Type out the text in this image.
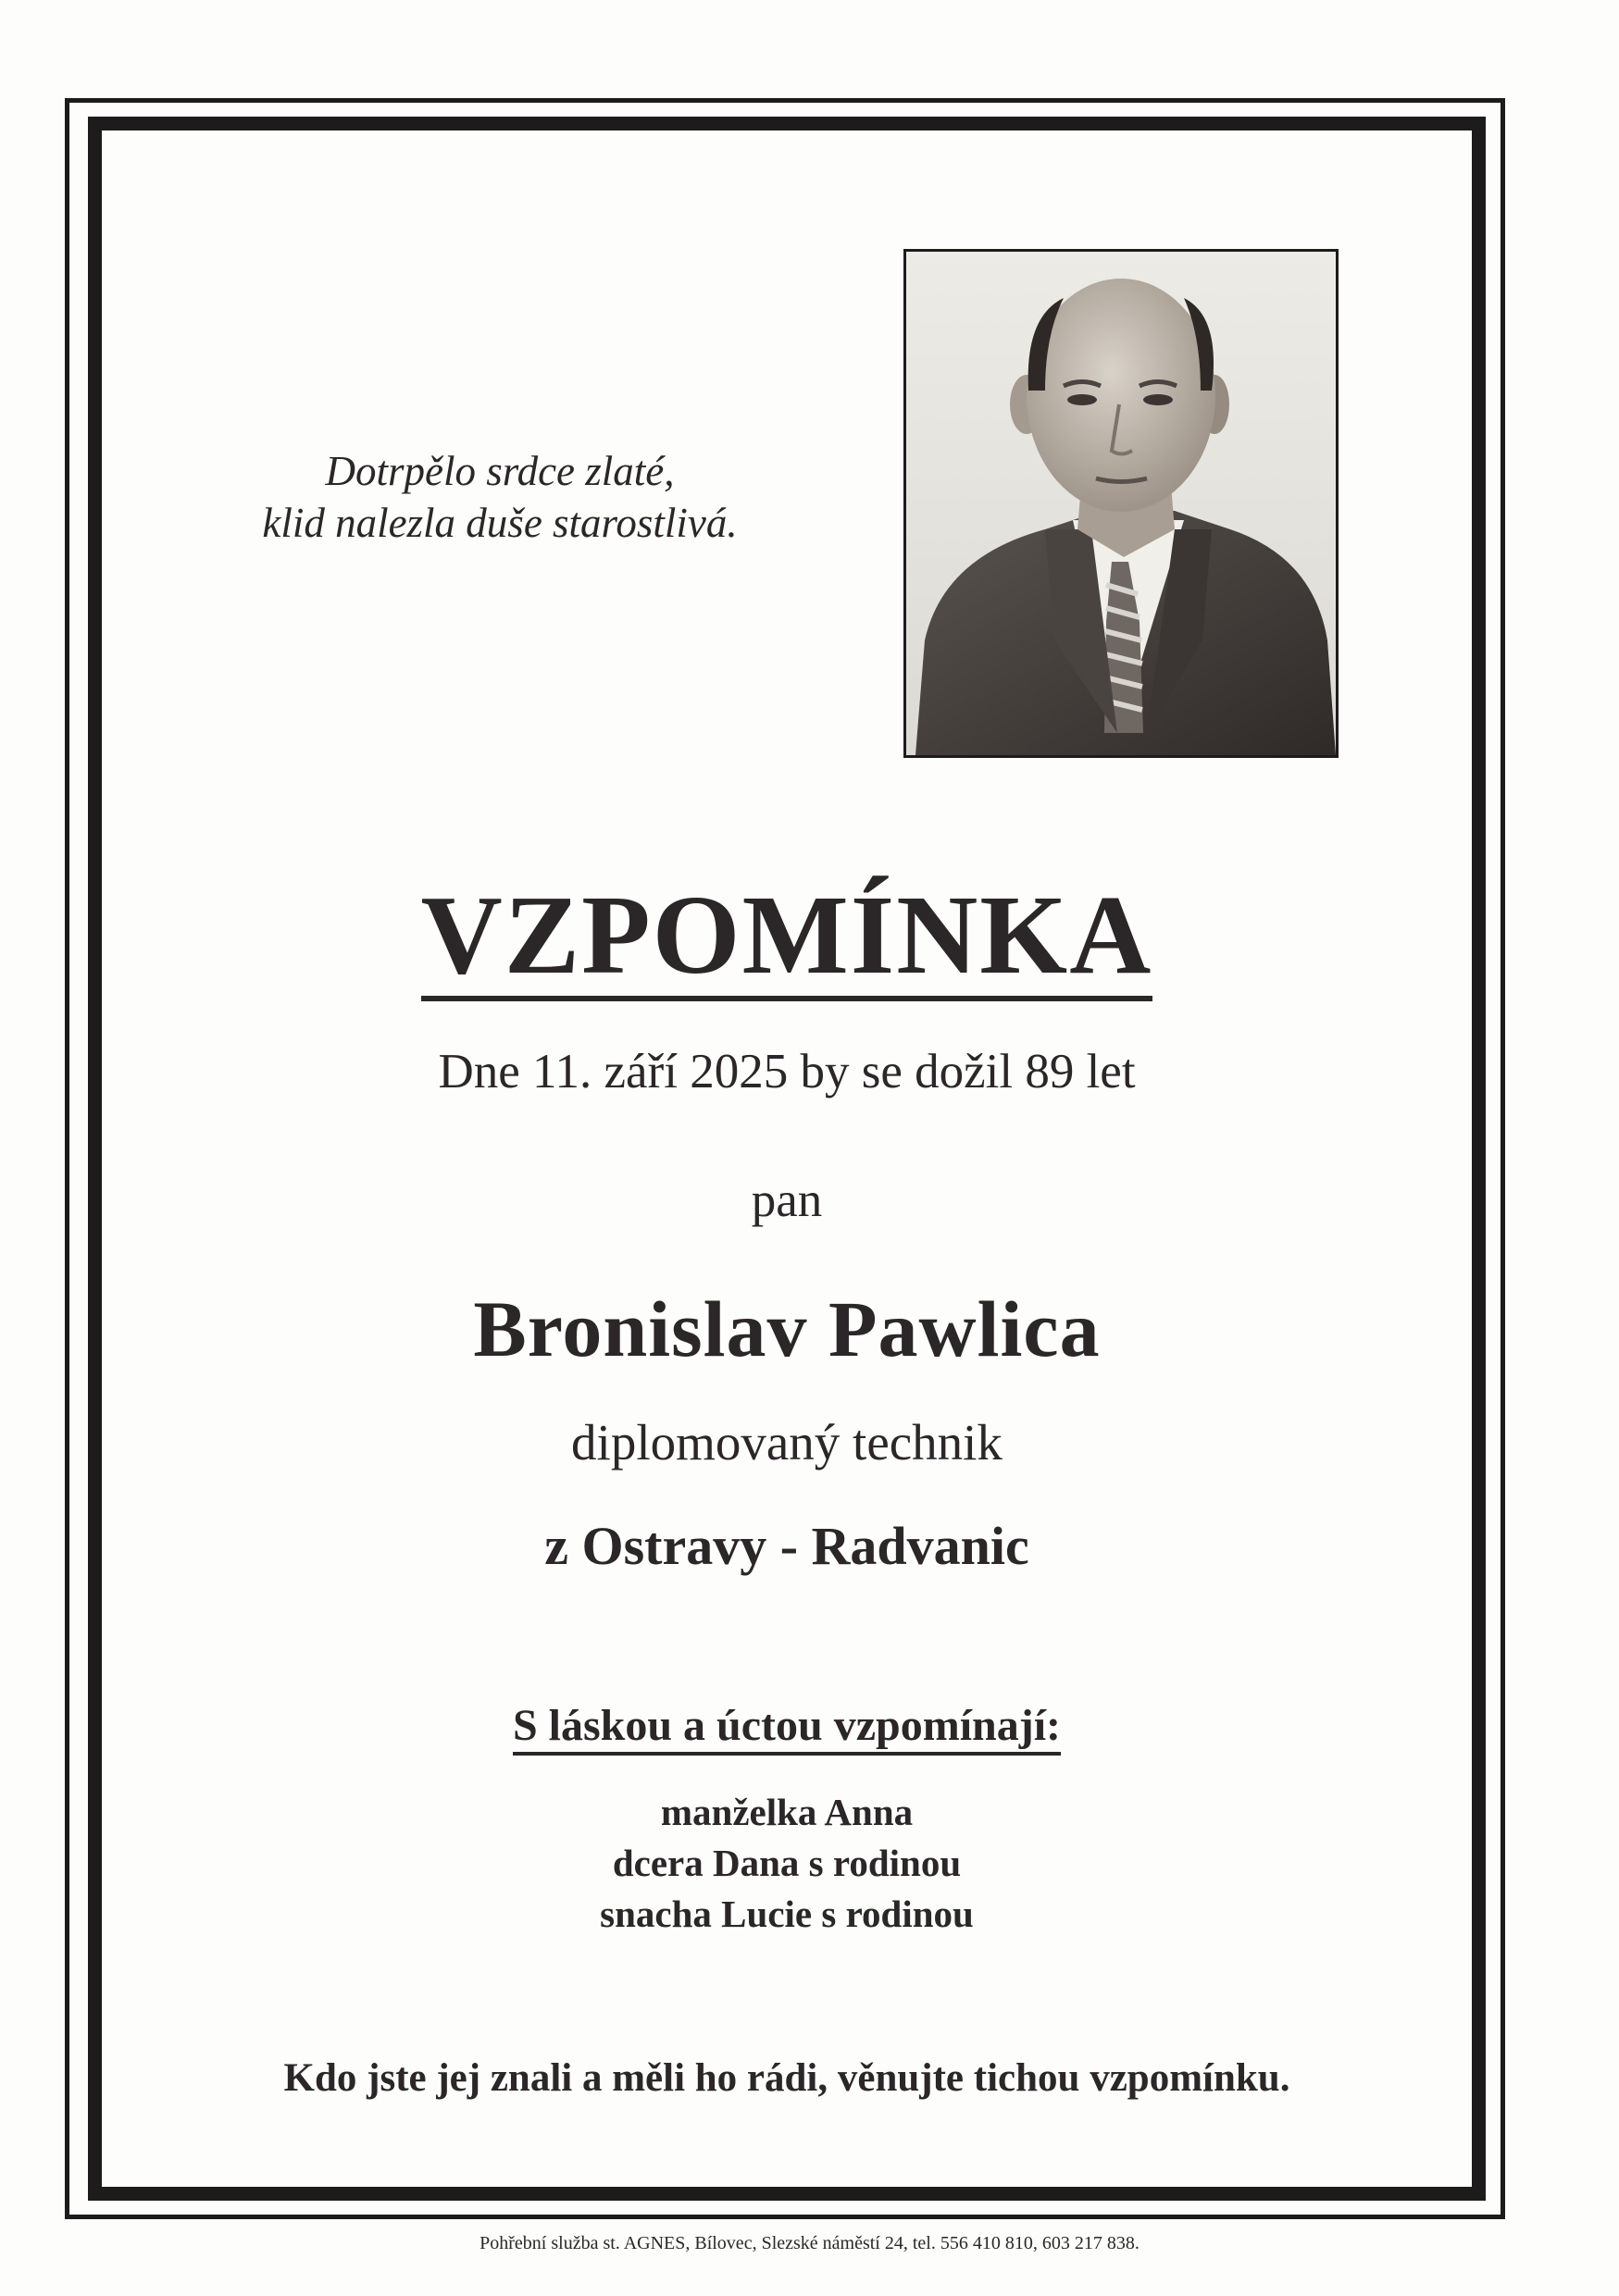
Dotrpělo srdce zlaté,
klid nalezla duše starostlivá.
VZPOMÍNKA
Dne 11. září 2025 by se dožil 89 let
pan
Bronislav Pawlica
diplomovaný technik
z Ostravy - Radvanic
S láskou a úctou vzpomínají:
manželka Anna
dcera Dana s rodinou
snacha Lucie s rodinou
Kdo jste jej znali a měli ho rádi, věnujte tichou vzpomínku.
Pohřební služba st. AGNES, Bílovec, Slezské náměstí 24, tel. 556 410 810, 603 217 838.
